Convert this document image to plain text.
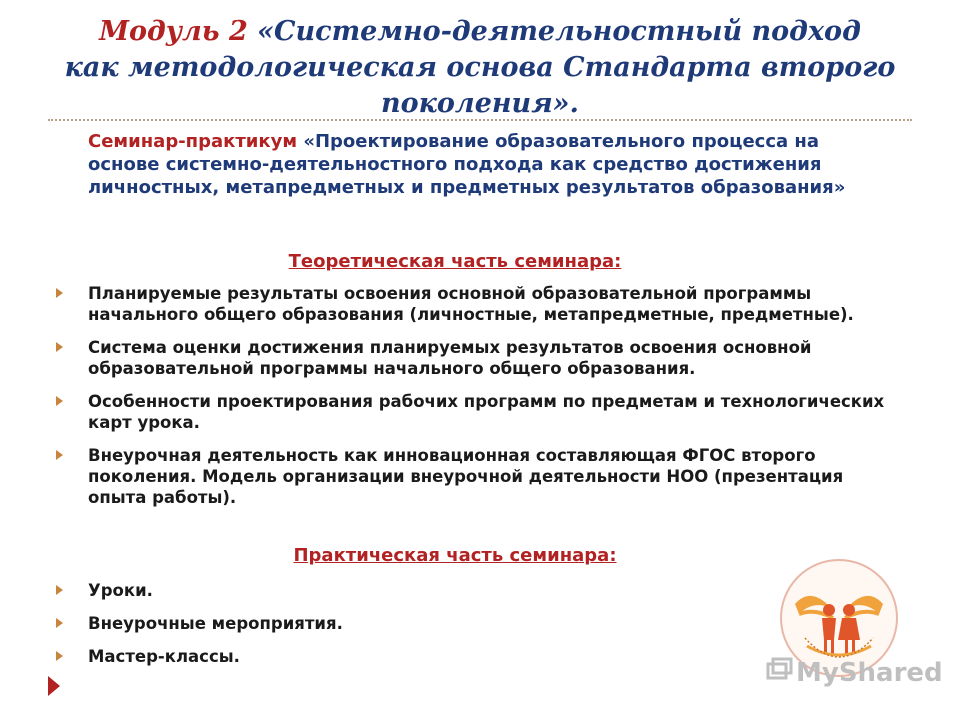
Модуль 2 «Системно-деятельностный подход
как методологическая основа Стандарта второго
поколения».
Семинар-практикум «Проектирование образовательного процесса на основе системно-деятельностного подхода как средство достижения личностных, метапредметных и предметных результатов образования»
Теоретическая часть семинара:
Планируемые результаты освоения основной образовательной программы начального общего образования (личностные, метапредметные, предметные).
Система оценки достижения планируемых результатов освоения основной образовательной программы начального общего образования.
Особенности проектирования рабочих программ по предметам и технологических карт урока.
Внеурочная деятельность как инновационная составляющая ФГОС второго поколения. Модель организации внеурочной деятельности НОО (презентация опыта работы).
Практическая часть семинара:
Уроки.
Внеурочные мероприятия.
Мастер-классы.
MyShared
